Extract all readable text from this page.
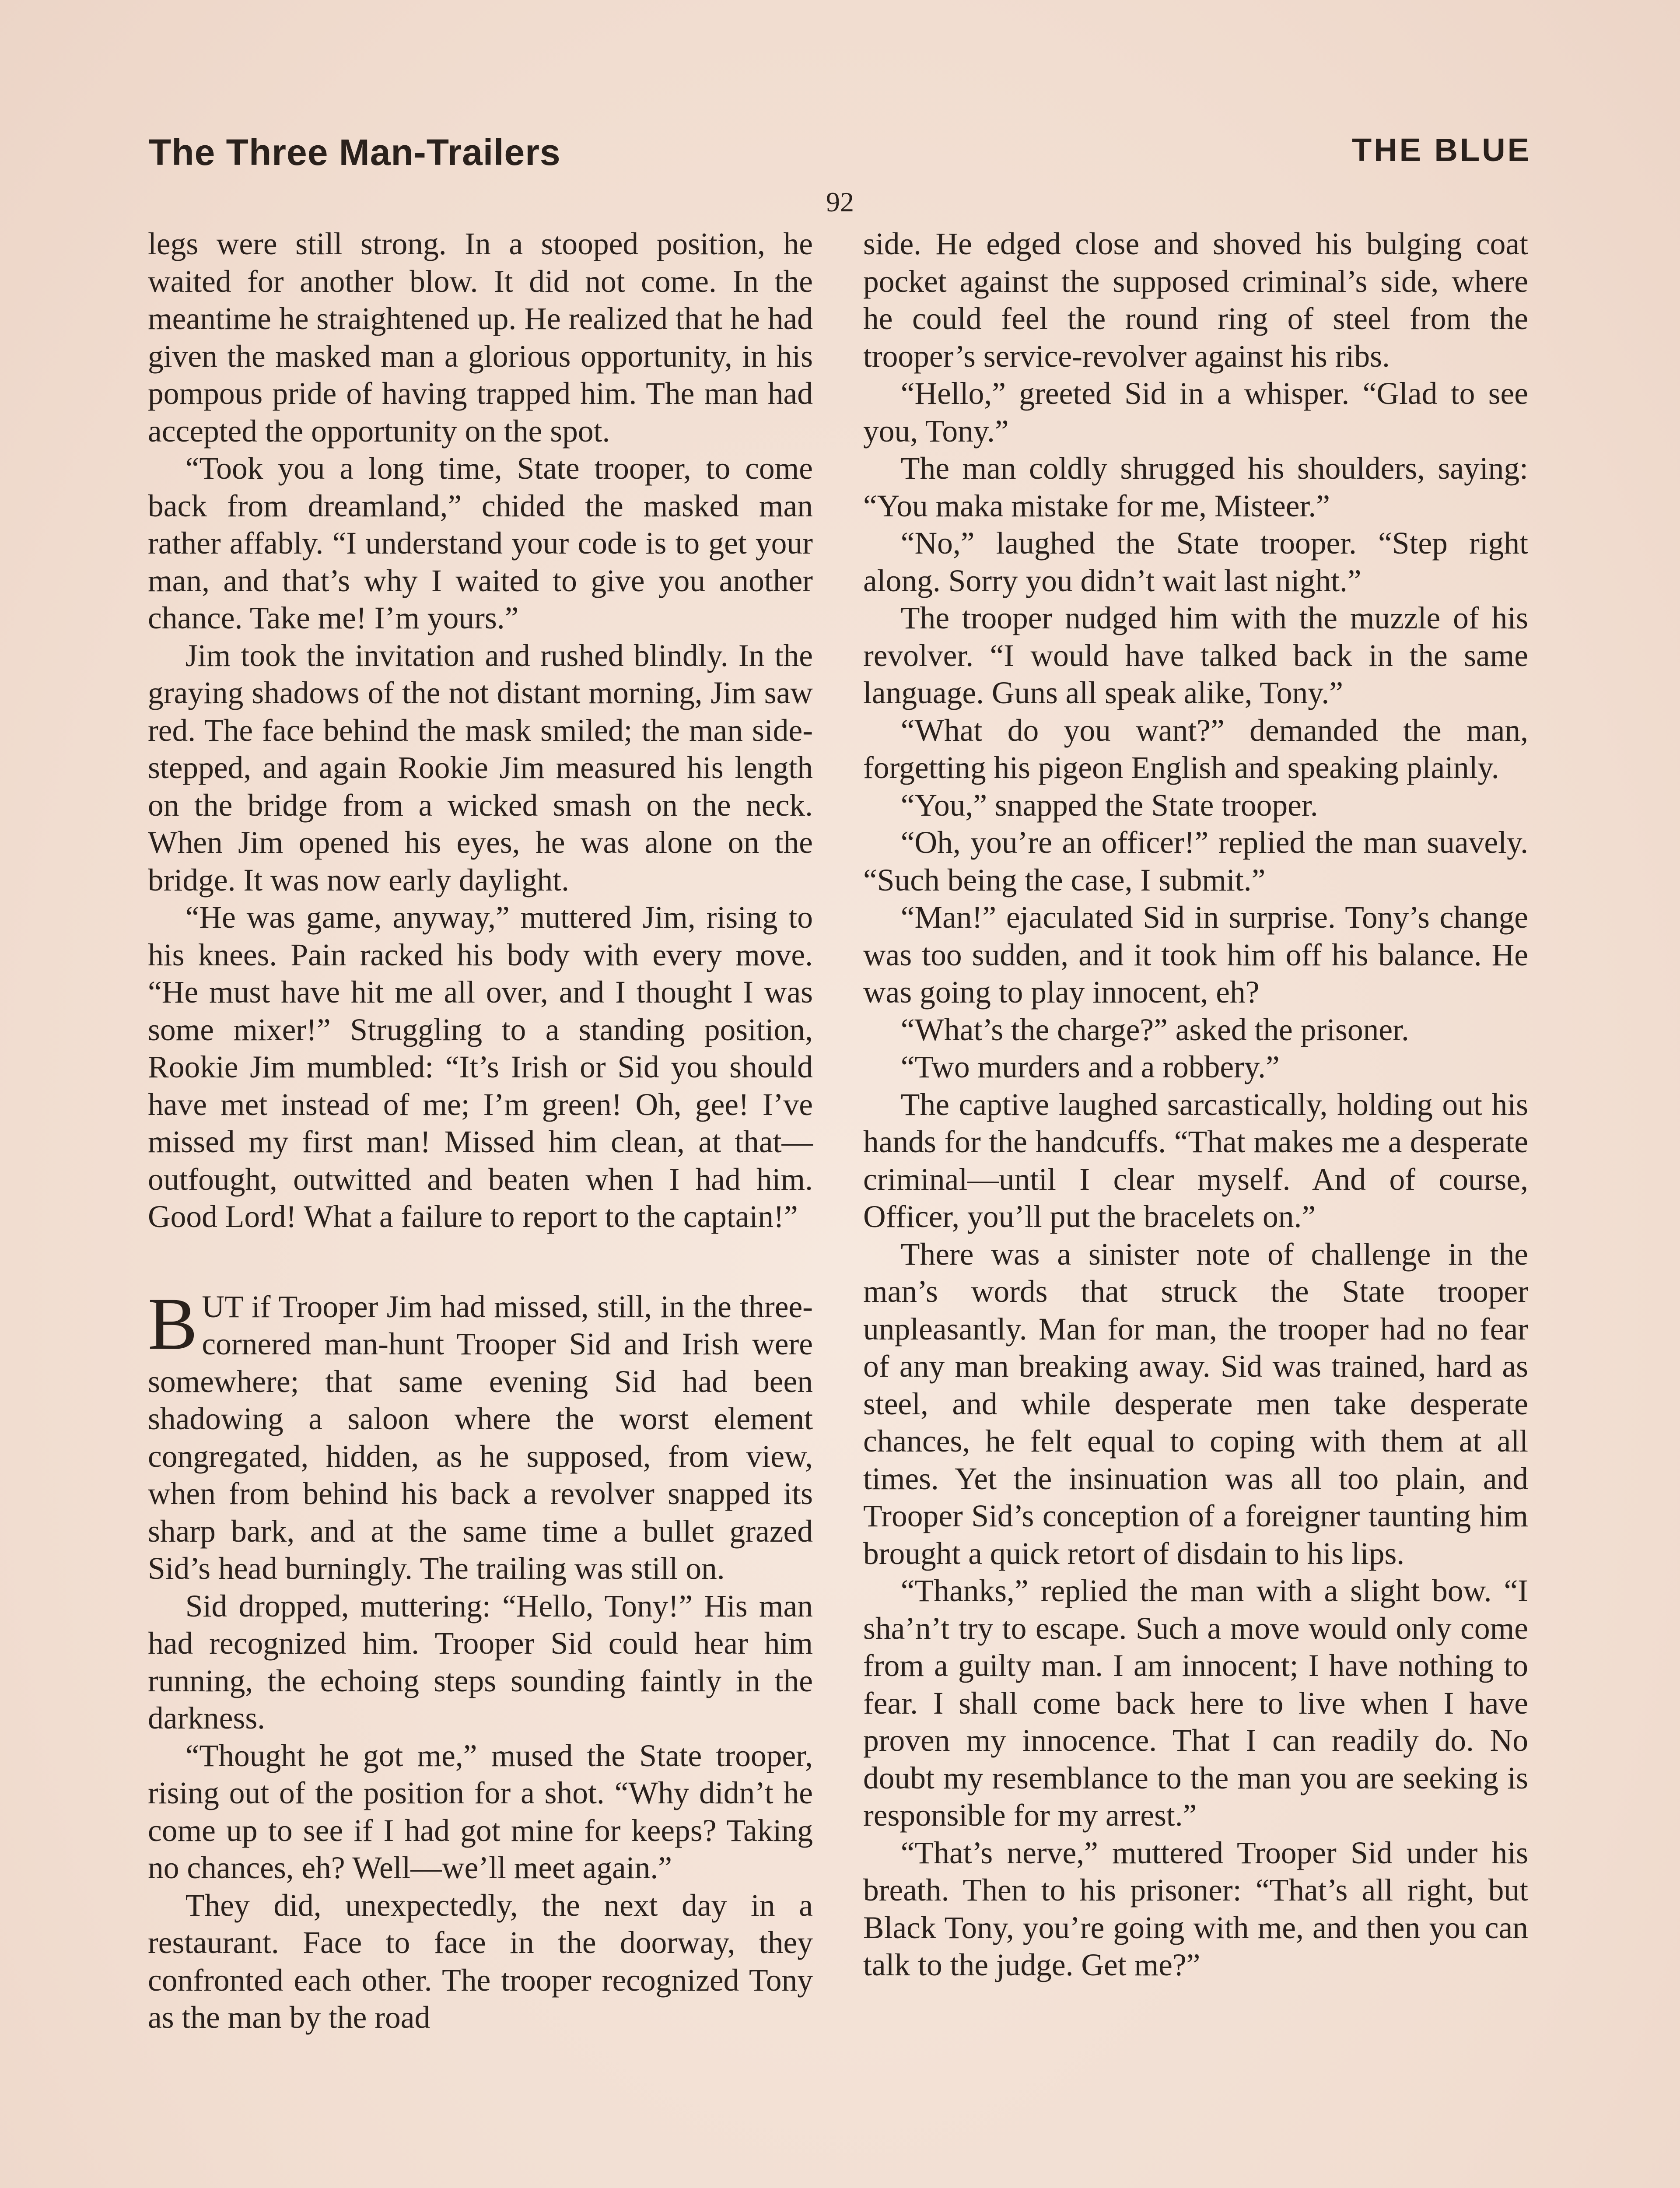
The Three Man-Trailers	THE BLUE
92

legs were still strong. In a stooped position, he waited for another blow. It did not come. In the meantime he straightened up. He realized that he had given the masked man a glorious opportunity, in his pompous pride of having trapped him. The man had accepted the opportunity on the spot.

“Took you a long time, State trooper, to come back from dreamland,” chided the masked man rather affably. “I understand your code is to get your man, and that’s why I waited to give you another chance. Take me! I’m yours.”

Jim took the invitation and rushed blindly. In the graying shadows of the not distant morning, Jim saw red. The face behind the mask smiled; the man sidestepped, and again Rookie Jim measured his length on the bridge from a wicked smash on the neck. When Jim opened his eyes, he was alone on the bridge. It was now early daylight.

“He was game, anyway,” muttered Jim, rising to his knees. Pain racked his body with every move. “He must have hit me all over, and I thought I was some mixer!” Struggling to a standing position, Rookie Jim mumbled: “It’s Irish or Sid you should have met instead of me; I’m green! Oh, gee! I’ve missed my first man! Missed him clean, at that—outfought, outwitted and beaten when I had him. Good Lord! What a failure to report to the captain!”

BUT if Trooper Jim had missed, still, in the three-cornered man-hunt Trooper Sid and Irish were somewhere; that same evening Sid had been shadowing a saloon where the worst element congregated, hidden, as he supposed, from view, when from behind his back a revolver snapped its sharp bark, and at the same time a bullet grazed Sid’s head burningly. The trailing was still on.

Sid dropped, muttering: “Hello, Tony!” His man had recognized him. Trooper Sid could hear him running, the echoing steps sounding faintly in the darkness.

“Thought he got me,” mused the State trooper, rising out of the position for a shot. “Why didn’t he come up to see if I had got mine for keeps? Taking no chances, eh? Well—we’ll meet again.”

They did, unexpectedly, the next day in a restaurant. Face to face in the doorway, they confronted each other. The trooper recognized Tony as the man by the road

side. He edged close and shoved his bulging coat pocket against the supposed criminal’s side, where he could feel the round ring of steel from the trooper’s service-revolver against his ribs.

“Hello,” greeted Sid in a whisper. “Glad to see you, Tony.”

The man coldly shrugged his shoulders, saying: “You maka mistake for me, Misteer.”

“No,” laughed the State trooper. “Step right along. Sorry you didn’t wait last night.”

The trooper nudged him with the muzzle of his revolver. “I would have talked back in the same language. Guns all speak alike, Tony.”

“What do you want?” demanded the man, forgetting his pigeon English and speaking plainly.

“You,” snapped the State trooper.

“Oh, you’re an officer!” replied the man suavely. “Such being the case, I submit.”

“Man!” ejaculated Sid in surprise. Tony’s change was too sudden, and it took him off his balance. He was going to play innocent, eh?

“What’s the charge?” asked the prisoner.

“Two murders and a robbery.”

The captive laughed sarcastically, holding out his hands for the handcuffs. “That makes me a desperate criminal—until I clear myself. And of course, Officer, you’ll put the bracelets on.”

There was a sinister note of challenge in the man’s words that struck the State trooper unpleasantly. Man for man, the trooper had no fear of any man breaking away. Sid was trained, hard as steel, and while desperate men take desperate chances, he felt equal to coping with them at all times. Yet the insinuation was all too plain, and Trooper Sid’s conception of a foreigner taunting him brought a quick retort of disdain to his lips.

“Thanks,” replied the man with a slight bow. “I sha’n’t try to escape. Such a move would only come from a guilty man. I am innocent; I have nothing to fear. I shall come back here to live when I have proven my innocence. That I can readily do. No doubt my resemblance to the man you are seeking is responsible for my arrest.”

“That’s nerve,” muttered Trooper Sid under his breath. Then to his prisoner: “That’s all right, but Black Tony, you’re going with me, and then you can talk to the judge. Get me?”
